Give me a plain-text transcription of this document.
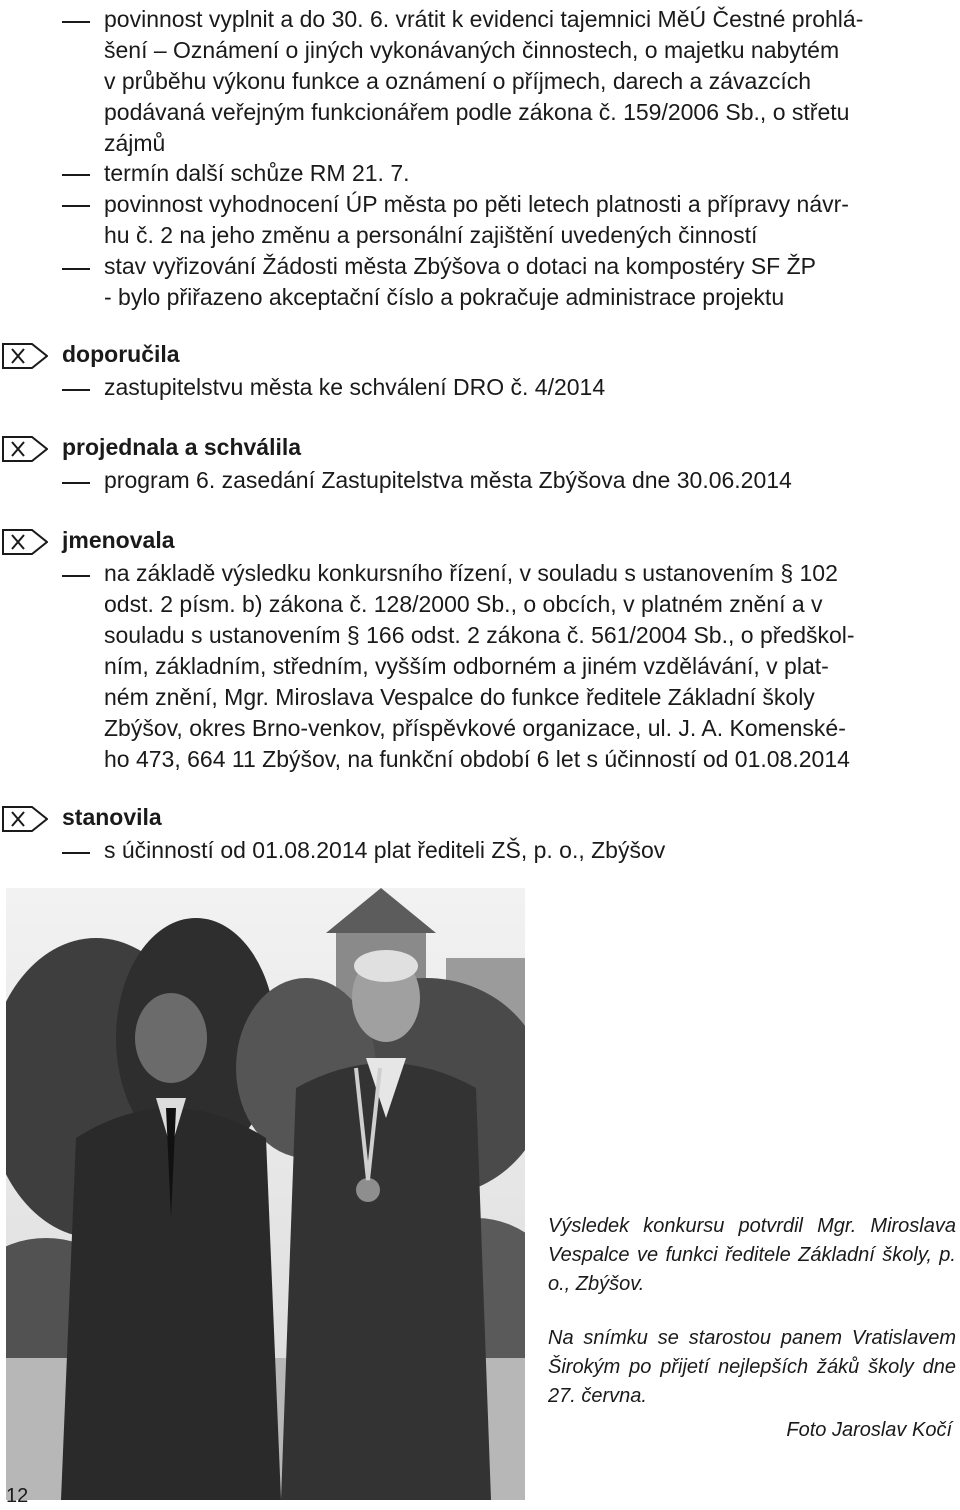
povinnost vyplnit a do 30. 6. vrátit k evidenci tajemnici MěÚ Čestné prohlá-
šení – Oznámení o jiných vykonávaných činnostech, o majetku nabytém
v průběhu výkonu funkce a oznámení o příjmech, darech a závazcích
podávaná veřejným funkcionářem podle zákona č. 159/2006 Sb., o střetu
zájmů
termín další schůze RM 21. 7.
povinnost vyhodnocení ÚP města po pěti letech platnosti a přípravy návr-
hu č. 2 na jeho změnu a personální zajištění uvedených činností
stav vyřizování Žádosti města Zbýšova o dotaci na kompostéry SF ŽP
- bylo přiřazeno akceptační číslo a pokračuje administrace projektu
doporučila
zastupitelstvu města ke schválení DRO č. 4/2014
projednala a schválila
program 6. zasedání Zastupitelstva města Zbýšova dne 30.06.2014
jmenovala
na základě výsledku konkursního řízení, v souladu s ustanovením § 102
odst. 2 písm. b) zákona č. 128/2000 Sb., o obcích, v platném znění a v
souladu s ustanovením § 166 odst. 2 zákona č. 561/2004 Sb., o předškol-
ním, základním, středním, vyšším odborném a jiném vzdělávání, v plat-
ném znění, Mgr. Miroslava Vespalce do funkce ředitele Základní školy
Zbýšov, okres Brno-venkov, příspěvkové organizace, ul. J. A. Komenské-
ho 473, 664 11 Zbýšov, na funkční období 6 let s účinností od 01.08.2014
stanovila
s účinností od 01.08.2014 plat řediteli ZŠ, p. o., Zbýšov
Výsledek konkursu potvrdil Mgr. Miroslava Vespalce ve funkci ředitele Základní školy, p. o., Zbýšov.
Na snímku se starostou panem Vratislavem Širokým po přijetí nejlepších žáků školy dne 27. června.
Foto Jaroslav Kočí
12
